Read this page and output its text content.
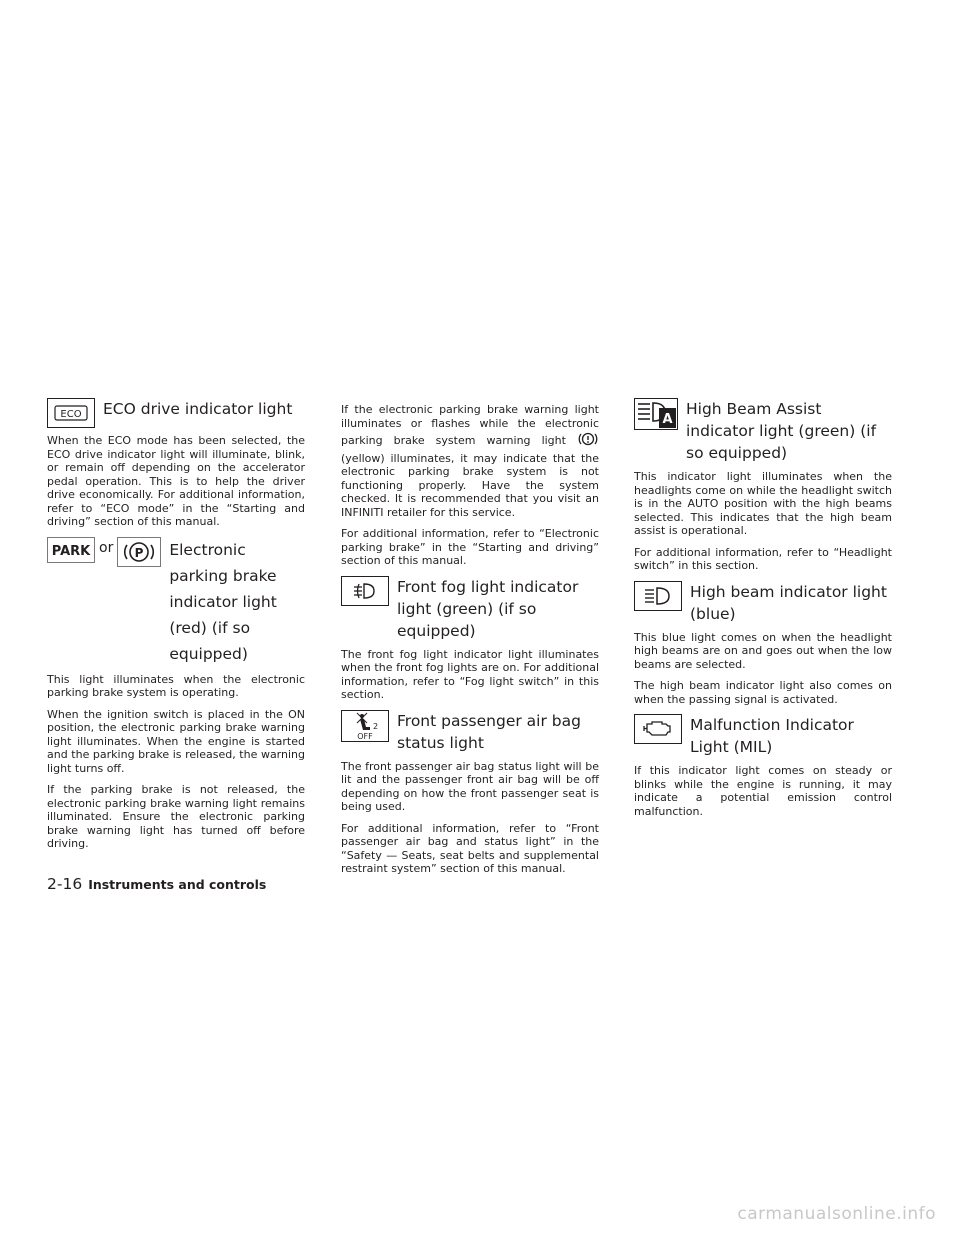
ECO ECO drive indicator light

When the ECO mode has been selected, the ECO drive indicator light will illuminate, blink, or remain off depending on the accelerator pedal operation. This is to help the driver drive economically. For additional information, refer to “ECO mode” in the “Starting and driving” section of this manual.

PARK or P Electronic parking brake indicator light (red) (if so equipped)

This light illuminates when the electronic parking brake system is operating.

When the ignition switch is placed in the ON position, the electronic parking brake warning light illuminates. When the engine is started and the parking brake is released, the warning light turns off.

If the parking brake is not released, the electronic parking brake warning light remains illuminated. Ensure the electronic parking brake warning light has turned off before driving.

If the electronic parking brake warning light illuminates or flashes while the electronic parking brake system warning light  (yellow) illuminates, it may indicate that the electronic parking brake system is not functioning properly. Have the system checked. It is recommended that you visit an INFINITI retailer for this service.

For additional information, refer to “Electronic parking brake” in the “Starting and driving” section of this manual.

Front fog light indicator light (green) (if so equipped)

The front fog light indicator light illuminates when the front fog lights are on. For additional information, refer to “Fog light switch” in this section.

2
OFF
Front passenger air bag status light

The front passenger air bag status light will be lit and the passenger front air bag will be off depending on how the front passenger seat is being used.

For additional information, refer to “Front passenger air bag and status light” in the “Safety — Seats, seat belts and supplemental restraint system” section of this manual.

A
High Beam Assist indicator light (green) (if so equipped)

This indicator light illuminates when the headlights come on while the headlight switch is in the AUTO position with the high beams selected. This indicates that the high beam assist is operational.

For additional information, refer to “Headlight switch” in this section.

High beam indicator light (blue)

This blue light comes on when the headlight high beams are on and goes out when the low beams are selected.

The high beam indicator light also comes on when the passing signal is activated.

Malfunction Indicator Light (MIL)

If this indicator light comes on steady or blinks while the engine is running, it may indicate a potential emission control malfunction.

2-16 Instruments and controls
carmanualsonline.info
